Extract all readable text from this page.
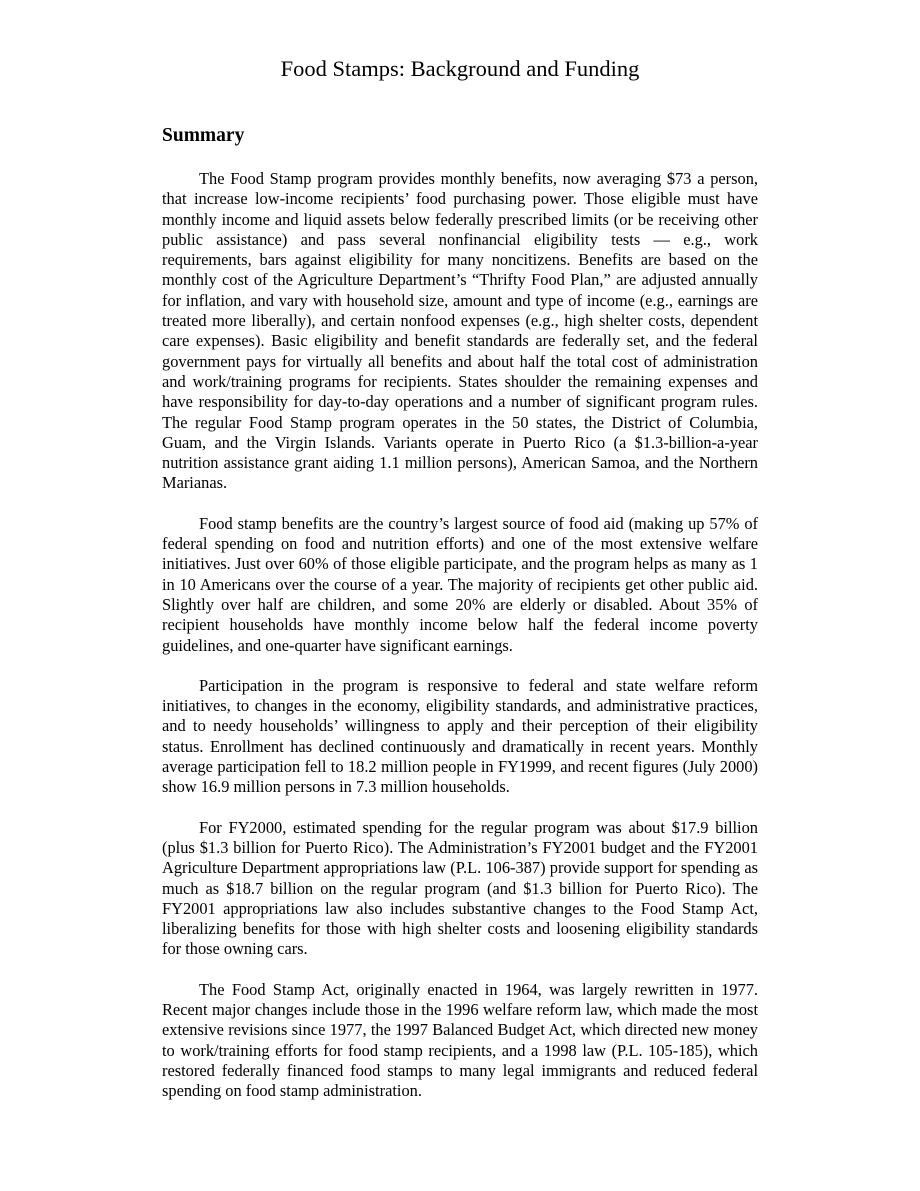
Food Stamps: Background and Funding
Summary

The Food Stamp program provides monthly benefits, now averaging $73 a person, that increase low-income recipients’ food purchasing power. Those eligible must have monthly income and liquid assets below federally prescribed limits (or be receiving other public assistance) and pass several nonfinancial eligibility tests — e.g., work requirements, bars against eligibility for many noncitizens. Benefits are based on the monthly cost of the Agriculture Department’s “Thrifty Food Plan,” are adjusted annually for inflation, and vary with household size, amount and type of income (e.g., earnings are treated more liberally), and certain nonfood expenses (e.g., high shelter costs, dependent care expenses). Basic eligibility and benefit standards are federally set, and the federal government pays for virtually all benefits and about half the total cost of administration and work/training programs for recipients. States shoulder the remaining expenses and have responsibility for day-to-day operations and a number of significant program rules. The regular Food Stamp program operates in the 50 states, the District of Columbia, Guam, and the Virgin Islands. Variants operate in Puerto Rico (a $1.3-billion-a-year nutrition assistance grant aiding 1.1 million persons), American Samoa, and the Northern Marianas.

Food stamp benefits are the country’s largest source of food aid (making up 57% of federal spending on food and nutrition efforts) and one of the most extensive welfare initiatives. Just over 60% of those eligible participate, and the program helps as many as 1 in 10 Americans over the course of a year. The majority of recipients get other public aid. Slightly over half are children, and some 20% are elderly or disabled. About 35% of recipient households have monthly income below half the federal income poverty guidelines, and one-quarter have significant earnings.

Participation in the program is responsive to federal and state welfare reform initiatives, to changes in the economy, eligibility standards, and administrative practices, and to needy households’ willingness to apply and their perception of their eligibility status. Enrollment has declined continuously and dramatically in recent years. Monthly average participation fell to 18.2 million people in FY1999, and recent figures (July 2000) show 16.9 million persons in 7.3 million households.

For FY2000, estimated spending for the regular program was about $17.9 billion (plus $1.3 billion for Puerto Rico). The Administration’s FY2001 budget and the FY2001 Agriculture Department appropriations law (P.L. 106-387) provide support for spending as much as $18.7 billion on the regular program (and $1.3 billion for Puerto Rico). The FY2001 appropriations law also includes substantive changes to the Food Stamp Act, liberalizing benefits for those with high shelter costs and loosening eligibility standards for those owning cars.

The Food Stamp Act, originally enacted in 1964, was largely rewritten in 1977. Recent major changes include those in the 1996 welfare reform law, which made the most extensive revisions since 1977, the 1997 Balanced Budget Act, which directed new money to work/training efforts for food stamp recipients, and a 1998 law (P.L. 105-185), which restored federally financed food stamps to many legal immigrants and reduced federal spending on food stamp administration.
